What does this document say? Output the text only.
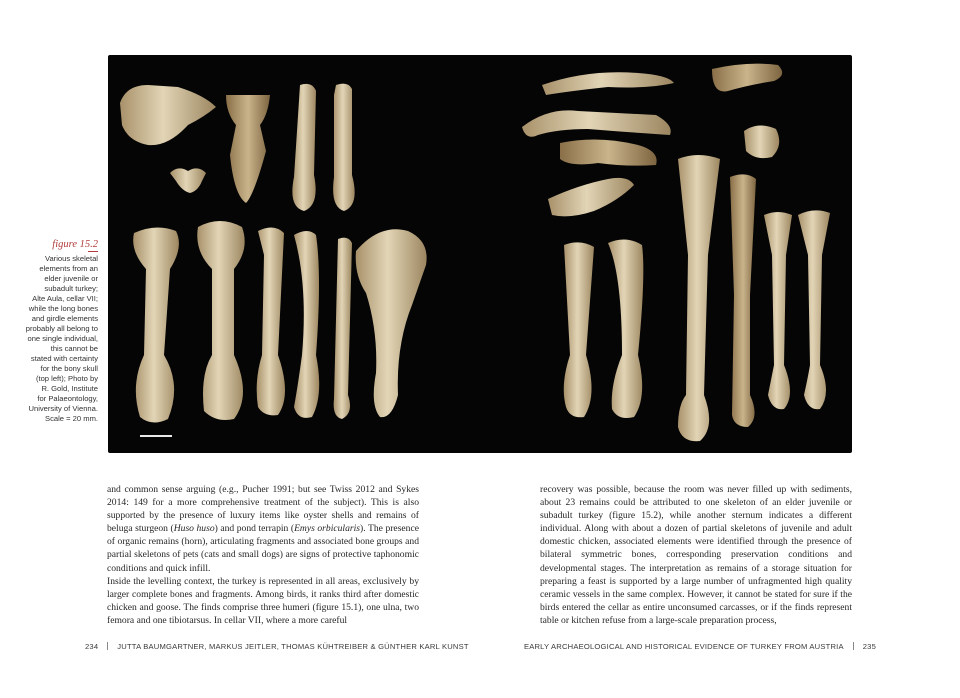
figure 15.2
Various skeletal
elements from an
elder juvenile or
subadult turkey;
Alte Aula, cellar VII;
while the long bones
and girdle elements
probably all belong to
one single individual,
this cannot be
stated with certainty
for the bony skull
(top left); Photo by
R. Gold, Institute
for Palaeontology,
University of Vienna.
Scale = 20 mm.

and common sense arguing (e.g., Pucher 1991; but see Twiss 2012 and Sykes 2014: 149 for a more comprehensive treatment of the subject). This is also supported by the presence of luxury items like oyster shells and remains of beluga sturgeon (Huso huso) and pond terrapin (Emys orbicularis). The presence of organic remains (horn), articulating fragments and associated bone groups and partial skeletons of pets (cats and small dogs) are signs of protective taphonomic conditions and quick infill.

Inside the levelling context, the turkey is represented in all areas, exclusively by larger complete bones and fragments. Among birds, it ranks third after domestic chicken and goose. The finds comprise three humeri (figure 15.1), one ulna, two femora and one tibiotarsus. In cellar VII, where a more careful

recovery was possible, because the room was never filled up with sediments, about 23 remains could be attributed to one skeleton of an elder juvenile or subadult turkey (figure 15.2), while another sternum indicates a different individual. Along with about a dozen of partial skeletons of juvenile and adult domestic chicken, associated elements were identified through the presence of bilateral symmetric bones, corresponding preservation conditions and developmental stages. The interpretation as remains of a storage situation for preparing a feast is supported by a large number of unfragmented high quality ceramic vessels in the same complex. However, it cannot be stated for sure if the birds entered the cellar as entire unconsumed carcasses, or if the finds represent table or kitchen refuse from a large-scale preparation process,

234	JUTTA BAUMGARTNER, MARKUS JEITLER, THOMAS KÜHTREIBER & GÜNTHER KARL KUNST	EARLY ARCHAEOLOGICAL AND HISTORICAL EVIDENCE OF TURKEY FROM AUSTRIA	235
